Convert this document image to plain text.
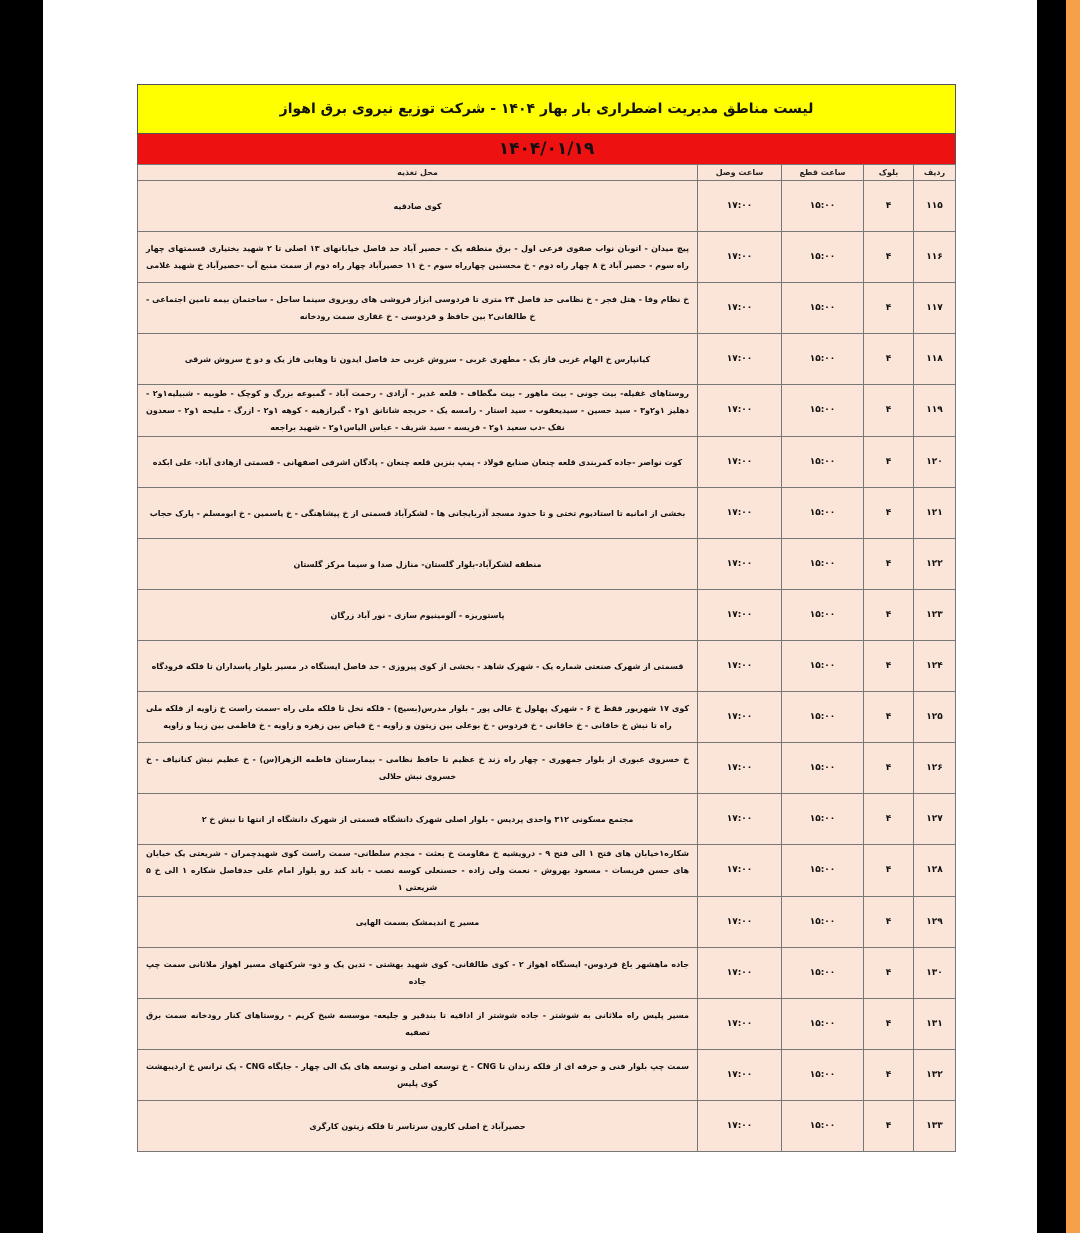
لیست مناطق مدیریت اضطراری بار بهار ۱۴۰۴ - شرکت توزیع نیروی برق اهواز
۱۴۰۴/۰۱/۱۹
ردیف	بلوک	ساعت قطع	ساعت وصل	محل تغذیه
۱۱۵	۴	۱۵:۰۰	۱۷:۰۰	کوی صادقیه
۱۱۶	۴	۱۵:۰۰	۱۷:۰۰	پیچ میدان - اتوبان نواب صفوی فرعی اول - برق منطقه یک - حصیر آباد حد فاصل خیابانهای ۱۳ اصلی تا ۲ شهید بختیاری قسمتهای چهار راه سوم - حصیر آباد خ ۸ چهار راه دوم - خ محسنین چهارراه سوم - خ ۱۱ حصیرآباد چهار راه دوم از سمت منبع آب -حصیرآباد خ شهید غلامی
۱۱۷	۴	۱۵:۰۰	۱۷:۰۰	خ نظام وفا - هتل فجر - خ نظامی حد فاصل ۲۴ متری تا فردوسی ابزار فروشی های روبروی سینما ساحل - ساختمان بیمه تامین اجتماعی - خ طالقانی۲ بین حافظ و فردوسی - خ غفاری سمت رودخانه
۱۱۸	۴	۱۵:۰۰	۱۷:۰۰	کیانپارس خ الهام غربی فاز یک - مطهری غربی - سروش غربی حد فاصل ایدون تا وهابی فاز یک و دو خ سروش شرقی
۱۱۹	۴	۱۵:۰۰	۱۷:۰۰	روستاهای غفیله- بیت جونی - بیت ماهور - بیت مگطاف - قلعه غدیر - آزادی - رحمت آباد - گمبوعه بزرگ و کوچک - طوبیه - شبیلیه۱و۲ - دهلیز ۱و۲و۳ - سید حسین - سیدیعقوب - سید استار - رامسه یک - حریجه شانانق ۱و۲ - گبرازهیه - کوهه ۱و۲ - ازرگ - ملیحه ۱و۲ - سعدون نفک -دب سعید ۱و۲ - فریسه - سید شریف - عباس الیاس۱و۲ - شهید براجعه
۱۲۰	۴	۱۵:۰۰	۱۷:۰۰	کوت نواصر -جاده کمربندی قلعه چنعان صنایع فولاد - پمپ بنزین قلعه چنعان - پادگان اشرفی اصفهانی - قسمتی ازهادی آباد- علی ابکده
۱۲۱	۴	۱۵:۰۰	۱۷:۰۰	بخشی از امانیه تا استادیوم تختی و تا حدود مسجد آذربایجانی ها - لشکرآباد قسمتی از خ پیشاهنگی - خ یاسمین - خ ابومسلم - پارک حجاب
۱۲۲	۴	۱۵:۰۰	۱۷:۰۰	منطقه لشکرآباد-بلوار گلستان- منازل صدا و سیما مرکز گلستان
۱۲۳	۴	۱۵:۰۰	۱۷:۰۰	پاستوریزه - آلومینیوم سازی - نور آباد زرگان
۱۲۴	۴	۱۵:۰۰	۱۷:۰۰	قسمتی از شهرک صنعتی شماره یک - شهرک شاهد - بخشی از کوی پیروزی - حد فاصل ایستگاه در مسیر بلوار پاسداران تا فلکه فرودگاه
۱۲۵	۴	۱۵:۰۰	۱۷:۰۰	کوی ۱۷ شهریور فقط خ ۶ - شهرک پهلول خ عالی پور - بلوار مدرس(بسیج) - فلکه نخل تا فلکه ملی راه -سمت راست خ زاویه از فلکه ملی راه تا نبش خ خاقانی - خ خاقانی - خ فردوس - خ بوعلی بین زیتون و زاویه - خ فیاض بین زهره و زاویه - خ فاطمی بین زیبا و زاویه
۱۲۶	۴	۱۵:۰۰	۱۷:۰۰	خ خسروی عبوری از بلوار جمهوری - چهار راه زند خ عظیم تا حافظ نظامی - بیمارستان فاطمه الزهرا(س) - خ عظیم نبش کنانیاف - خ خسروی نبش حلالی
۱۲۷	۴	۱۵:۰۰	۱۷:۰۰	مجتمع مسکونی ۳۱۲ واحدی پردیس - بلوار اصلی شهرک دانشگاه قسمتی از شهرک دانشگاه از انتها تا نبش خ ۲
۱۲۸	۴	۱۵:۰۰	۱۷:۰۰	شکاره۱خیابان های فتح ۱ الی فتح ۹ - درویشیه خ مقاومت خ بعثت - مجدم سلطانی- سمت راست کوی شهیدچمران - شریعتی یک خیابان های حسن فریسات - مسعود بهروش - نعمت ولی زاده - حسنعلی کوسه نصب - باند کند رو بلوار امام علی حدفاصل شکاره ۱ الی خ ۵ شریعتی ۱
۱۲۹	۴	۱۵:۰۰	۱۷:۰۰	مسیر ج اندیمشک بسمت الهایی
۱۳۰	۴	۱۵:۰۰	۱۷:۰۰	جاده ماهشهر باغ فردوس- ایستگاه اهواز ۲ - کوی طالقانی- کوی شهید بهشتی - تدین یک و دو- شرکتهای مسیر اهواز ملاثانی سمت چپ جاده
۱۳۱	۴	۱۵:۰۰	۱۷:۰۰	مسیر پلیس راه ملاثانی به شوشتر - جاده شوشتر از ادافیه تا بندقیر و جلیعه- موسسه شیخ کریم - روستاهای کنار رودخانه سمت برق تصفیه
۱۳۲	۴	۱۵:۰۰	۱۷:۰۰	سمت چپ بلوار فنی و حرفه ای از فلکه زندان تا CNG - خ توسعه اصلی و توسعه های یک الی چهار - جایگاه CNG - پک ترانس خ اردیبهشت کوی پلیس
۱۳۳	۴	۱۵:۰۰	۱۷:۰۰	حصیرآباد خ اصلی کارون سرتاسر تا فلکه زیتون کارگری
